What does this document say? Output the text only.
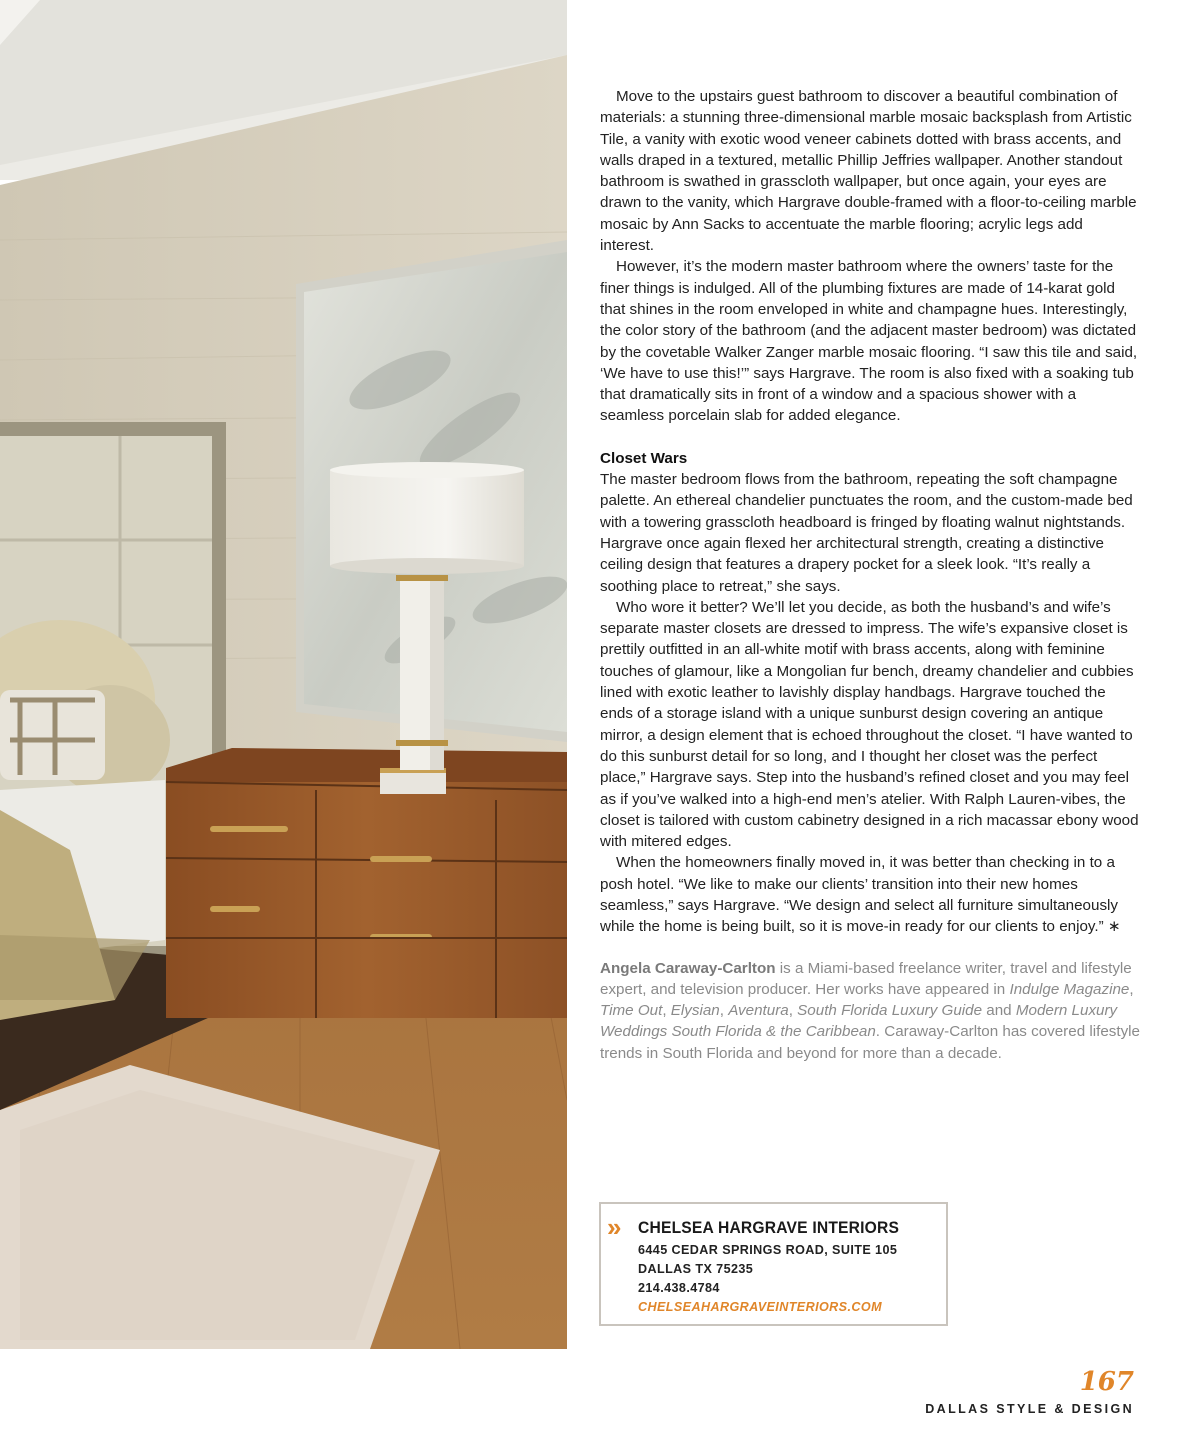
Move to the upstairs guest bathroom to discover a beautiful combination of materials: a stunning three-dimensional marble mosaic backsplash from Artistic Tile, a vanity with exotic wood veneer cabinets dotted with brass accents, and walls draped in a textured, metallic Phillip Jeffries wallpaper. Another standout bathroom is swathed in grasscloth wallpaper, but once again, your eyes are drawn to the vanity, which Hargrave double-framed with a floor-to-ceiling marble mosaic by Ann Sacks to accentuate the marble flooring; acrylic legs add interest.

However, it’s the modern master bathroom where the owners’ taste for the finer things is indulged. All of the plumbing fixtures are made of 14-karat gold that shines in the room enveloped in white and champagne hues. Interestingly, the color story of the bathroom (and the adjacent master bedroom) was dictated by the covetable Walker Zanger marble mosaic flooring. “I saw this tile and said, ‘We have to use this!’” says Hargrave. The room is also fixed with a soaking tub that dramatically sits in front of a window and a spacious shower with a seamless porcelain slab for added elegance.

Closet Wars

The master bedroom flows from the bathroom, repeating the soft champagne palette. An ethereal chandelier punctuates the room, and the custom-made bed with a towering grasscloth headboard is fringed by floating walnut nightstands. Hargrave once again flexed her architectural strength, creating a distinctive ceiling design that features a drapery pocket for a sleek look. “It’s really a soothing place to retreat,” she says.

Who wore it better? We’ll let you decide, as both the husband’s and wife’s separate master closets are dressed to impress. The wife’s expansive closet is prettily outfitted in an all-white motif with brass accents, along with feminine touches of glamour, like a Mongolian fur bench, dreamy chandelier and cubbies lined with exotic leather to lavishly display handbags. Hargrave touched the ends of a storage island with a unique sunburst design covering an antique mirror, a design element that is echoed throughout the closet. “I have wanted to do this sunburst detail for so long, and I thought her closet was the perfect place,” Hargrave says. Step into the husband’s refined closet and you may feel as if you’ve walked into a high-end men’s atelier. With Ralph Lauren-vibes, the closet is tailored with custom cabinetry designed in a rich macassar ebony wood with mitered edges.

When the homeowners finally moved in, it was better than checking in to a posh hotel. “We like to make our clients’ transition into their new homes seamless,” says Hargrave. “We design and select all furniture simultaneously while the home is being built, so it is move-in ready for our clients to enjoy.” ∗

Angela Caraway-Carlton is a Miami-based freelance writer, travel and lifestyle expert, and television producer. Her works have appeared in Indulge Magazine, Time Out, Elysian, Aventura, South Florida Luxury Guide and Modern Luxury Weddings South Florida & the Caribbean. Caraway-Carlton has covered lifestyle trends in South Florida and beyond for more than a decade.
» CHELSEA HARGRAVE INTERIORS
6445 CEDAR SPRINGS ROAD, SUITE 105
DALLAS TX 75235
214.438.4784
CHELSEAHARGRAVEINTERIORS.COM
167
DALLAS STYLE & DESIGN
